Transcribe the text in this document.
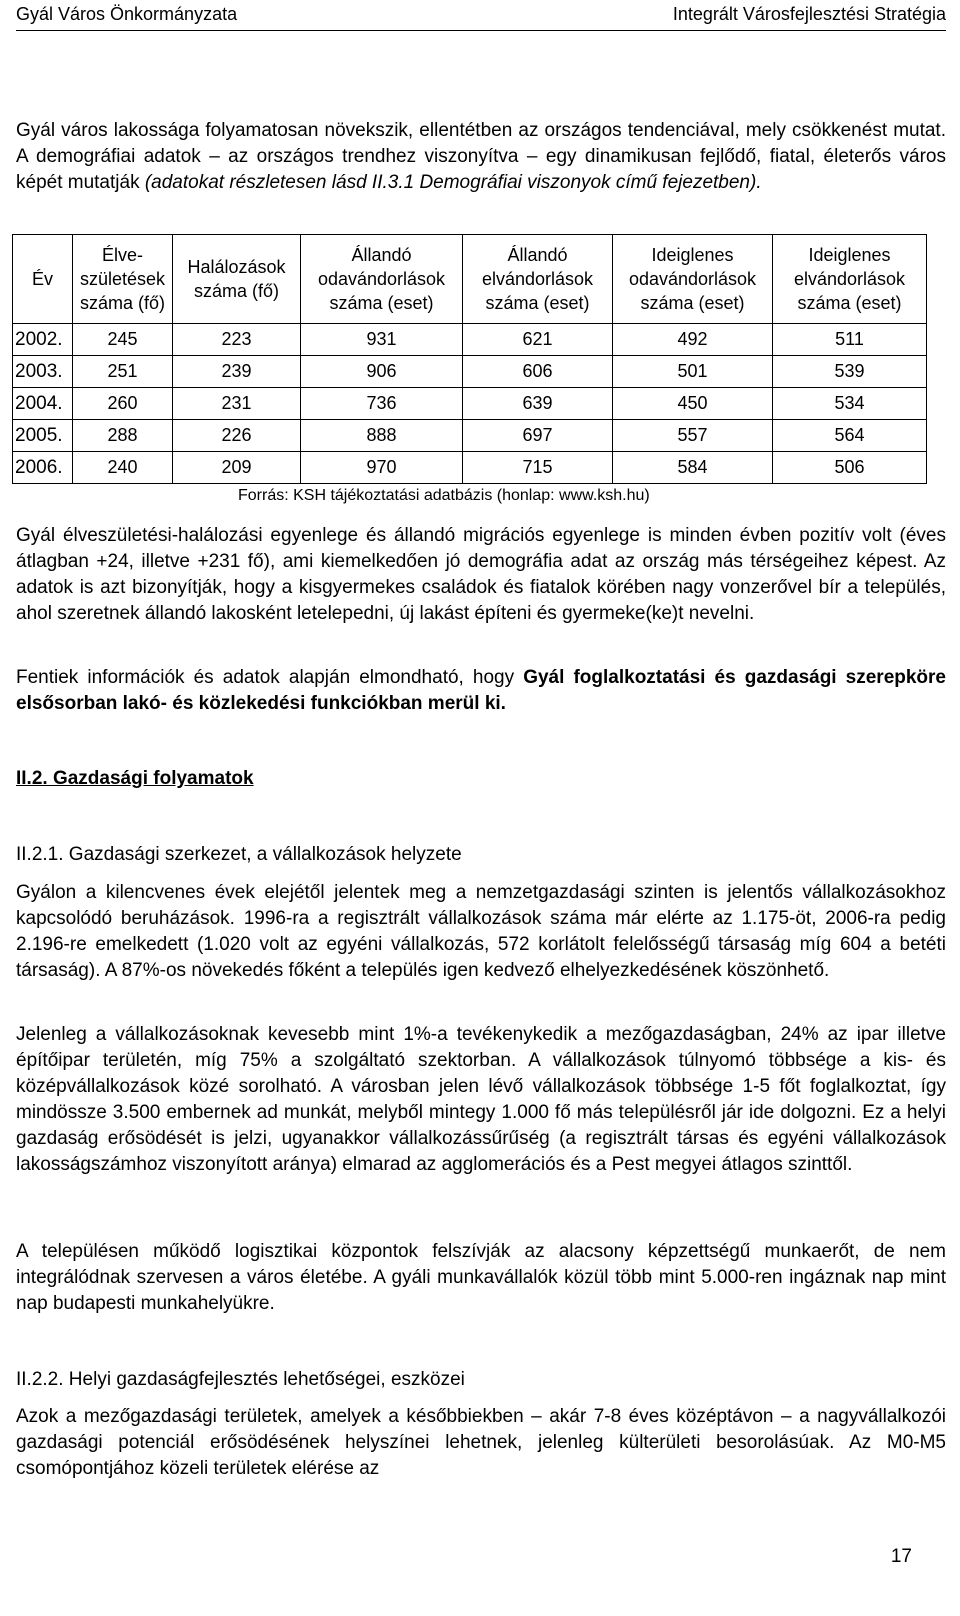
Gyál Város Önkormányzata	Integrált Városfejlesztési Stratégia

Gyál város lakossága folyamatosan növekszik, ellentétben az országos tendenciával, mely csökkenést mutat. A demográfiai adatok – az országos trendhez viszonyítva – egy dinamikusan fejlődő, fiatal, életerős város képét mutatják (adatokat részletesen lásd II.3.1 Demográfiai viszonyok című fejezetben).

Év	Élve-születések száma (fő)	Halálozások száma (fő)	Állandó odavándorlások száma (eset)	Állandó elvándorlások száma (eset)	Ideiglenes odavándorlások száma (eset)	Ideiglenes elvándorlások száma (eset)
2002.	245	223	931	621	492	511
2003.	251	239	906	606	501	539
2004.	260	231	736	639	450	534
2005.	288	226	888	697	557	564
2006.	240	209	970	715	584	506
Forrás: KSH tájékoztatási adatbázis (honlap: www.ksh.hu)

Gyál élveszületési-halálozási egyenlege és állandó migrációs egyenlege is minden évben pozitív volt (éves átlagban +24, illetve +231 fő), ami kiemelkedően jó demográfia adat az ország más térségeihez képest. Az adatok is azt bizonyítják, hogy a kisgyermekes családok és fiatalok körében nagy vonzerővel bír a település, ahol szeretnek állandó lakosként letelepedni, új lakást építeni és gyermeke(ke)t nevelni.

Fentiek információk és adatok alapján elmondható, hogy Gyál foglalkoztatási és gazdasági szerepköre elsősorban lakó- és közlekedési funkciókban merül ki.

II.2. Gazdasági folyamatok
II.2.1. Gazdasági szerkezet, a vállalkozások helyzete

Gyálon a kilencvenes évek elejétől jelentek meg a nemzetgazdasági szinten is jelentős vállalkozásokhoz kapcsolódó beruházások. 1996-ra a regisztrált vállalkozások száma már elérte az 1.175-öt, 2006-ra pedig 2.196-re emelkedett (1.020 volt az egyéni vállalkozás, 572 korlátolt felelősségű társaság míg 604 a betéti társaság). A 87%-os növekedés főként a település igen kedvező elhelyezkedésének köszönhető.

Jelenleg a vállalkozásoknak kevesebb mint 1%-a tevékenykedik a mezőgazdaságban, 24% az ipar illetve építőipar területén, míg 75% a szolgáltató szektorban. A vállalkozások túlnyomó többsége a kis- és középvállalkozások közé sorolható. A városban jelen lévő vállalkozások többsége 1-5 főt foglalkoztat, így mindössze 3.500 embernek ad munkát, melyből mintegy 1.000 fő más településről jár ide dolgozni. Ez a helyi gazdaság erősödését is jelzi, ugyanakkor vállalkozássűrűség (a regisztrált társas és egyéni vállalkozások lakosságszámhoz viszonyított aránya) elmarad az agglomerációs és a Pest megyei átlagos szinttől.

A településen működő logisztikai központok felszívják az alacsony képzettségű munkaerőt, de nem integrálódnak szervesen a város életébe. A gyáli munkavállalók közül több mint 5.000-ren ingáznak nap mint nap budapesti munkahelyükre.

II.2.2. Helyi gazdaságfejlesztés lehetőségei, eszközei

Azok a mezőgazdasági területek, amelyek a későbbiekben – akár 7-8 éves középtávon – a nagyvállalkozói gazdasági potenciál erősödésének helyszínei lehetnek, jelenleg külterületi besorolásúak. Az M0-M5 csomópontjához közeli területek elérése az

17
